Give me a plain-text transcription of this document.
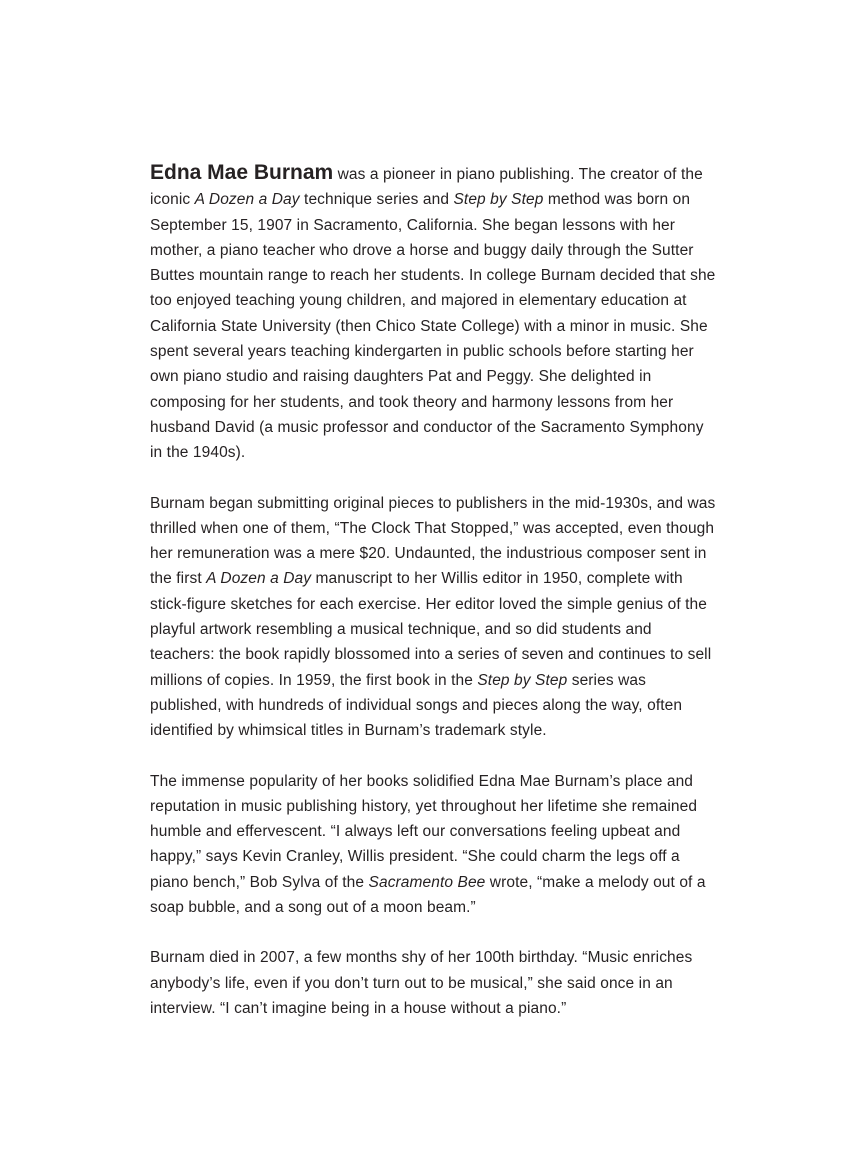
Edna Mae Burnam was a pioneer in piano publishing. The creator of the iconic A Dozen a Day technique series and Step by Step method was born on September 15, 1907 in Sacramento, California. She began lessons with her mother, a piano teacher who drove a horse and buggy daily through the Sutter Buttes mountain range to reach her students. In college Burnam decided that she too enjoyed teaching young children, and majored in elementary education at California State University (then Chico State College) with a minor in music. She spent several years teaching kindergarten in public schools before starting her own piano studio and raising daughters Pat and Peggy. She delighted in composing for her students, and took theory and harmony lessons from her husband David (a music professor and conductor of the Sacramento Symphony in the 1940s).

Burnam began submitting original pieces to publishers in the mid-1930s, and was thrilled when one of them, “The Clock That Stopped,” was accepted, even though her remuneration was a mere $20. Undaunted, the industrious composer sent in the first A Dozen a Day manuscript to her Willis editor in 1950, complete with stick-figure sketches for each exercise. Her editor loved the simple genius of the playful artwork resembling a musical technique, and so did students and teachers: the book rapidly blossomed into a series of seven and continues to sell millions of copies. In 1959, the first book in the Step by Step series was published, with hundreds of individual songs and pieces along the way, often identified by whimsical titles in Burnam’s trademark style.

The immense popularity of her books solidified Edna Mae Burnam’s place and reputation in music publishing history, yet throughout her lifetime she remained humble and effervescent. “I always left our conversations feeling upbeat and happy,” says Kevin Cranley, Willis president. “She could charm the legs off a piano bench,” Bob Sylva of the Sacramento Bee wrote, “make a melody out of a soap bubble, and a song out of a moon beam.”

Burnam died in 2007, a few months shy of her 100th birthday. “Music enriches anybody’s life, even if you don’t turn out to be musical,” she said once in an interview. “I can’t imagine being in a house without a piano.”
